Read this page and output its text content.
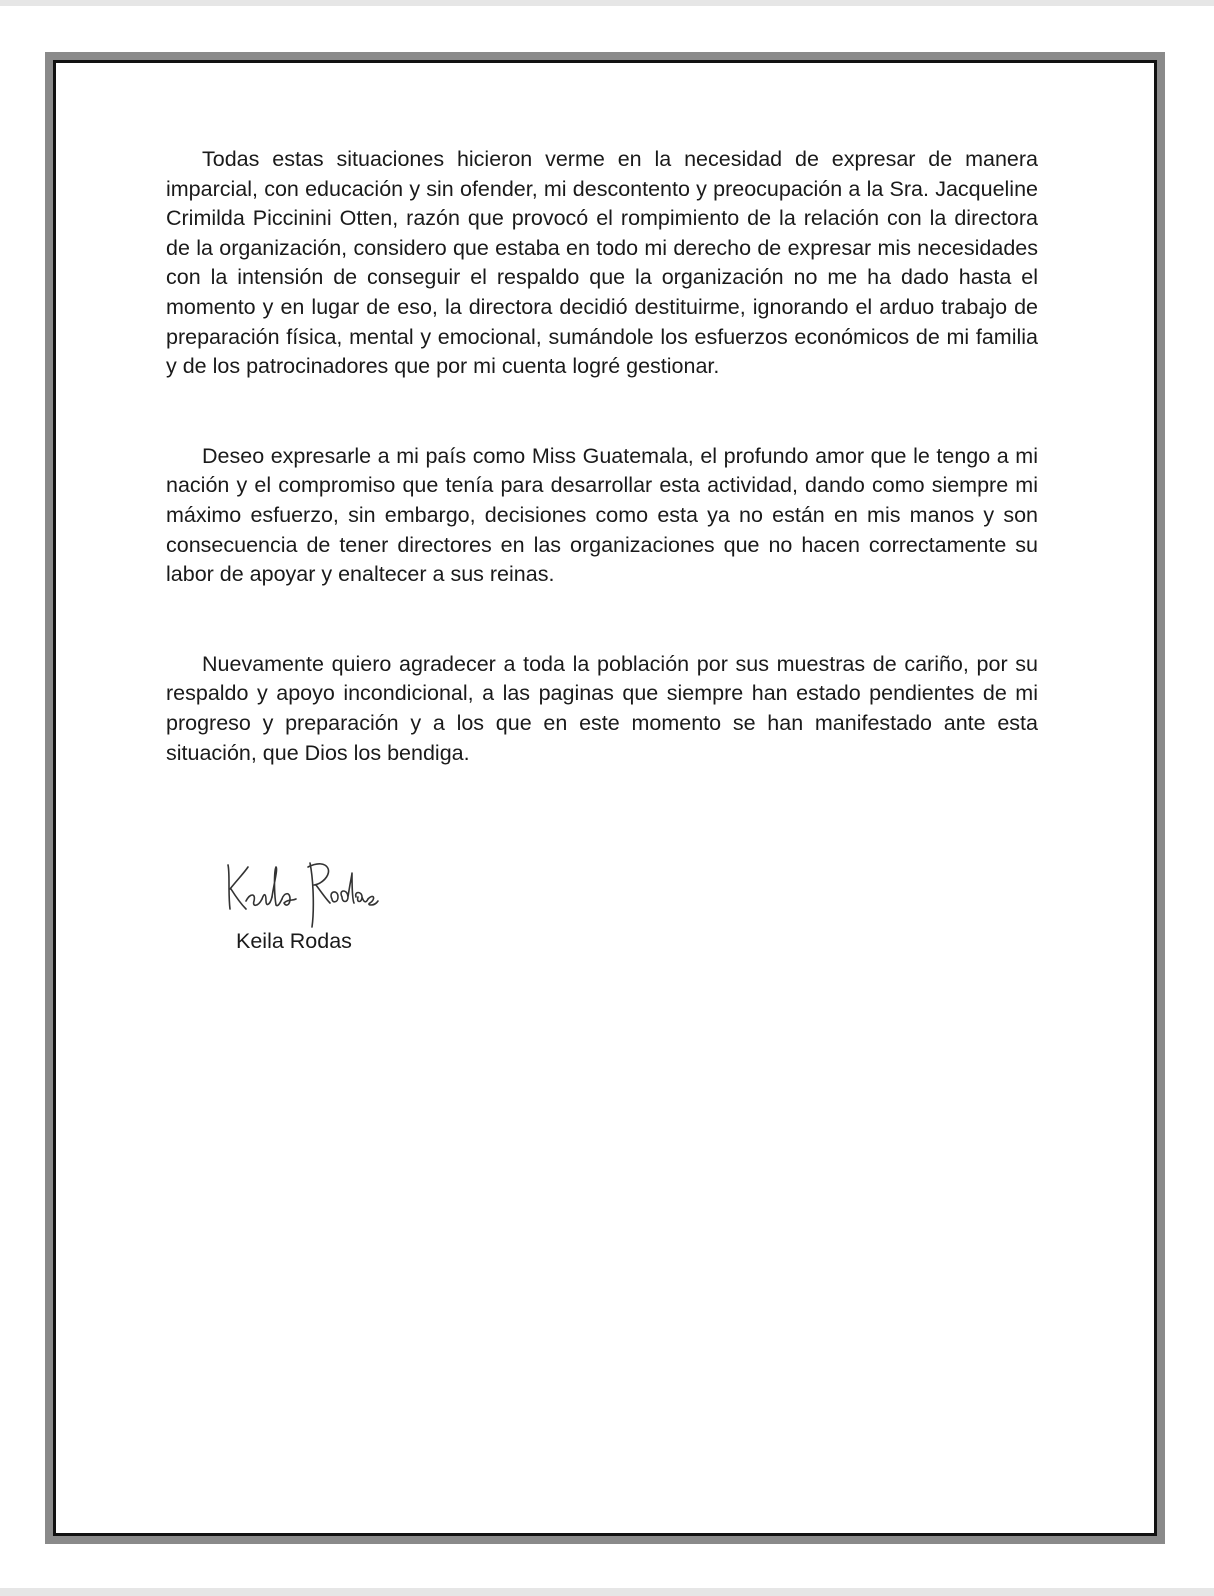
Todas estas situaciones hicieron verme en la necesidad de expresar de manera imparcial, con educación y sin ofender, mi descontento y preocupación a la Sra. Jacqueline Crimilda Piccinini Otten, razón que provocó el rompimiento de la relación con la directora de la organización, considero que estaba en todo mi derecho de expresar mis necesidades con la intensión de conseguir el respaldo que la organización no me ha dado hasta el momento y en lugar de eso, la directora decidió destituirme, ignorando el arduo trabajo de preparación física, mental y emocional, sumándole los esfuerzos económicos de mi familia y de los patrocinadores que por mi cuenta logré gestionar.

Deseo expresarle a mi país como Miss Guatemala, el profundo amor que le tengo a mi nación y el compromiso que tenía para desarrollar esta actividad, dando como siempre mi máximo esfuerzo, sin embargo, decisiones como esta ya no están en mis manos y son consecuencia de tener directores en las organizaciones que no hacen correctamente su labor de apoyar y enaltecer a sus reinas.

Nuevamente quiero agradecer a toda la población por sus muestras de cariño, por su respaldo y apoyo incondicional, a las paginas que siempre han estado pendientes de mi progreso y preparación y a los que en este momento se han manifestado ante esta situación, que Dios los bendiga.

Keila Rodas
